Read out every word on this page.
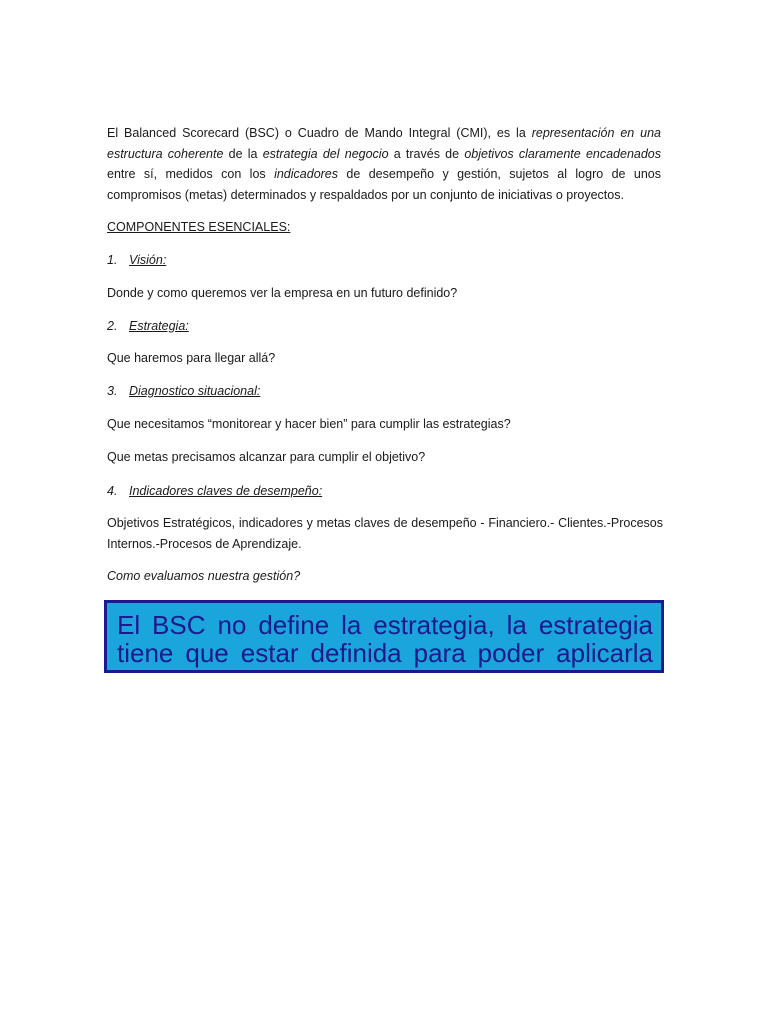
El Balanced Scorecard (BSC) o Cuadro de Mando Integral (CMI), es la representación en una estructura coherente de la estrategia del negocio a través de objetivos claramente encadenados entre sí, medidos con los indicadores de desempeño y gestión, sujetos al logro de unos compromisos (metas) determinados y respaldados por un conjunto de iniciativas o proyectos.

COMPONENTES ESENCIALES:

1. Visión:

Donde y como queremos ver la empresa en un futuro definido?

2. Estrategia:

Que haremos para llegar allá?

3. Diagnostico situacional:

Que necesitamos “monitorear y hacer bien” para cumplir las estrategias?

Que metas precisamos alcanzar para cumplir el objetivo?

4. Indicadores claves de desempeño:

Objetivos Estratégicos, indicadores y metas claves de desempeño - Financiero.- Clientes.-Procesos Internos.-Procesos de Aprendizaje.

Como evaluamos nuestra gestión?

El BSC no define la estrategia, la estrategia tiene que estar definida para poder aplicarla
